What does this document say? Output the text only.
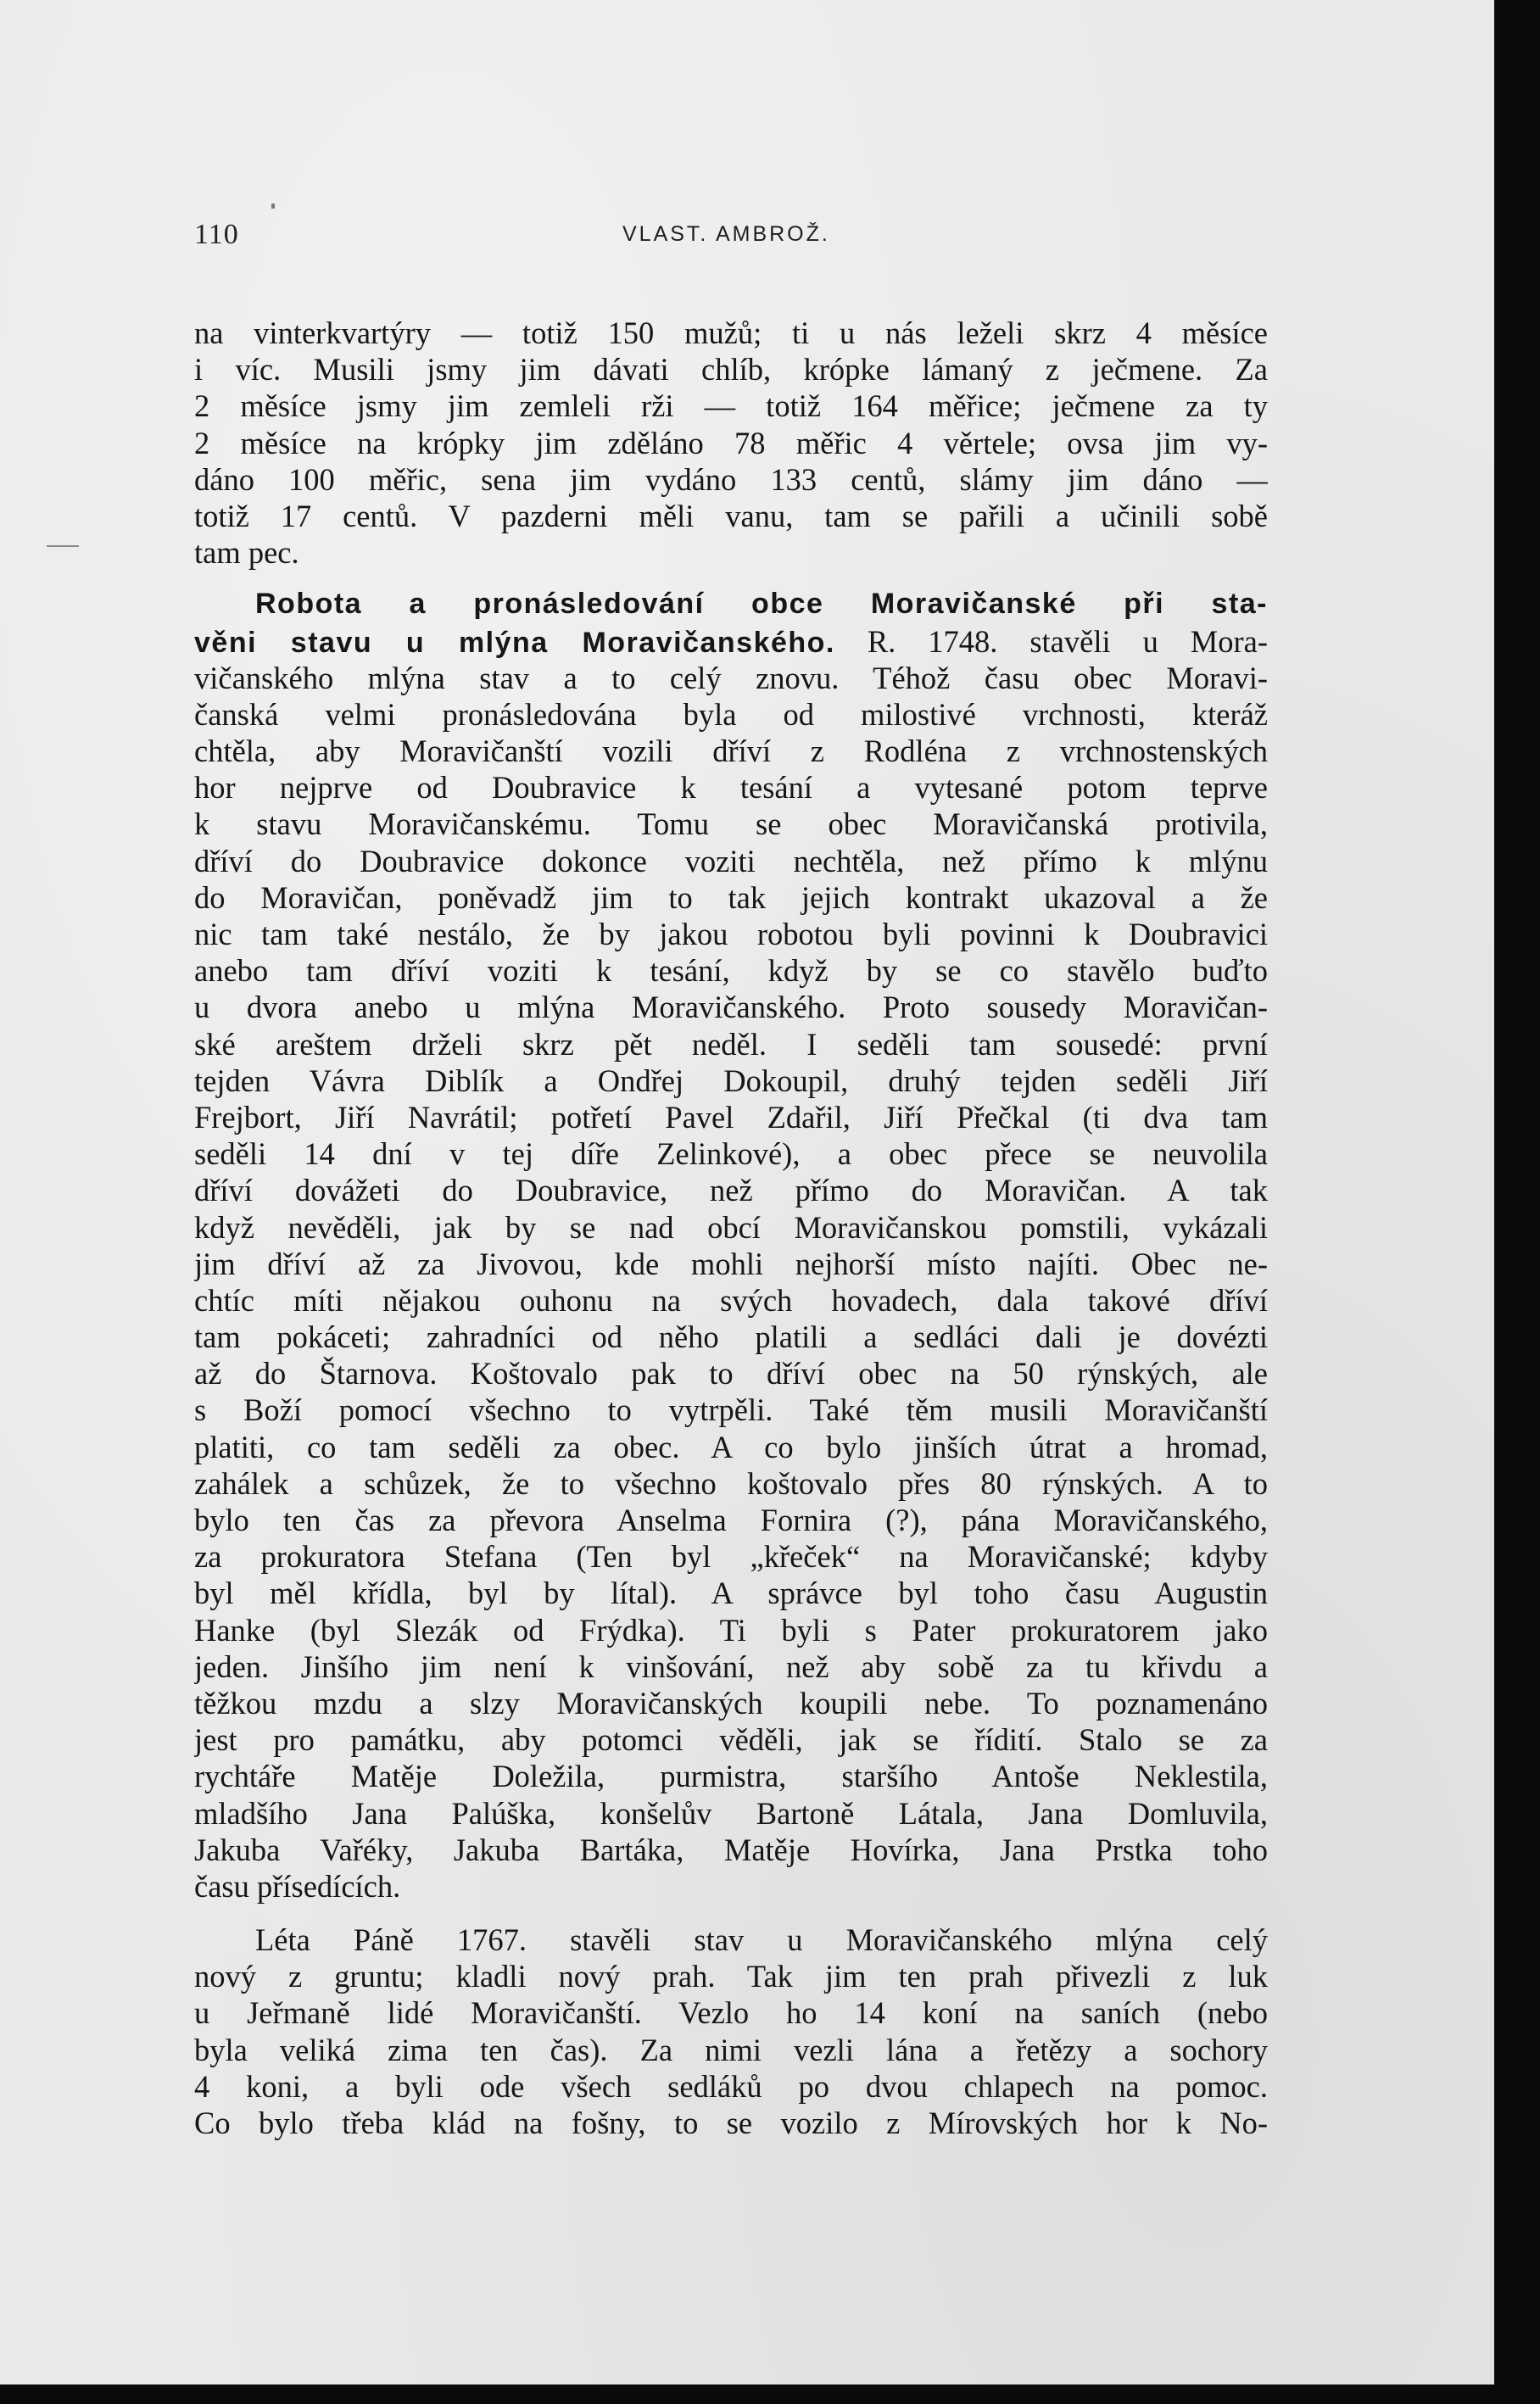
110	VLAST. AMBROŽ.
na vinterkvartýry — totiž 150 mužů; ti u nás leželi skrz 4 měsíce
i víc. Musili jsmy jim dávati chlíb, krópke lámaný z ječmene. Za
2 měsíce jsmy jim zemleli rži — totiž 164 měřice; ječmene za ty
2 měsíce na krópky jim zděláno 78 měřic 4 věrtele; ovsa jim vy-
dáno 100 měřic, sena jim vydáno 133 centů, slámy jim dáno —
totiž 17 centů. V pazderni měli vanu, tam se pařili a učinili sobě
tam pec.
Robota a pronásledování obce Moravičanské při sta-
věni stavu u mlýna Moravičanského. R. 1748. stavěli u Mora-
vičanského mlýna stav a to celý znovu. Téhož času obec Moravi-
čanská velmi pronásledována byla od milostivé vrchnosti, kteráž
chtěla, aby Moravičanští vozili dříví z Rodléna z vrchnostenských
hor nejprve od Doubravice k tesání a vytesané potom teprve
k stavu Moravičanskému. Tomu se obec Moravičanská protivila,
dříví do Doubravice dokonce voziti nechtěla, než přímo k mlýnu
do Moravičan, poněvadž jim to tak jejich kontrakt ukazoval a že
nic tam také nestálo, že by jakou robotou byli povinni k Doubravici
anebo tam dříví voziti k tesání, když by se co stavělo buďto
u dvora anebo u mlýna Moravičanského. Proto sousedy Moravičan-
ské areštem drželi skrz pět neděl. I seděli tam sousedé: první
tejden Vávra Diblík a Ondřej Dokoupil, druhý tejden seděli Jiří
Frejbort, Jiří Navrátil; potřetí Pavel Zdařil, Jiří Přečkal (ti dva tam
seděli 14 dní v tej díře Zelinkové), a obec přece se neuvolila
dříví dovážeti do Doubravice, než přímo do Moravičan. A tak
když nevěděli, jak by se nad obcí Moravičanskou pomstili, vykázali
jim dříví až za Jivovou, kde mohli nejhorší místo najíti. Obec ne-
chtíc míti nějakou ouhonu na svých hovadech, dala takové dříví
tam pokáceti; zahradníci od něho platili a sedláci dali je dovézti
až do Štarnova. Koštovalo pak to dříví obec na 50 rýnských, ale
s Boží pomocí všechno to vytrpěli. Také těm musili Moravičanští
platiti, co tam seděli za obec. A co bylo jinších útrat a hromad,
zahálek a schůzek, že to všechno koštovalo přes 80 rýnských. A to
bylo ten čas za převora Anselma Fornira (?), pána Moravičanského,
za prokuratora Stefana (Ten byl „křeček“ na Moravičanské; kdyby
byl měl křídla, byl by lítal). A správce byl toho času Augustin
Hanke (byl Slezák od Frýdka). Ti byli s Pater prokuratorem jako
jeden. Jinšího jim není k vinšování, než aby sobě za tu křivdu a
těžkou mzdu a slzy Moravičanských koupili nebe. To poznamenáno
jest pro památku, aby potomci věděli, jak se řídití. Stalo se za
rychtáře Matěje Doležila, purmistra, staršího Antoše Neklestila,
mladšího Jana Palúška, konšelův Bartoně Látala, Jana Domluvila,
Jakuba Vařéky, Jakuba Bartáka, Matěje Hovírka, Jana Prstka toho
času přísedících.
Léta Páně 1767. stavěli stav u Moravičanského mlýna celý
nový z gruntu; kladli nový prah. Tak jim ten prah přivezli z luk
u Jeřmaně lidé Moravičanští. Vezlo ho 14 koní na saních (nebo
byla veliká zima ten čas). Za nimi vezli lána a řetězy a sochory
4 koni, a byli ode všech sedláků po dvou chlapech na pomoc.
Co bylo třeba klád na fošny, to se vozilo z Mírovských hor k No-
